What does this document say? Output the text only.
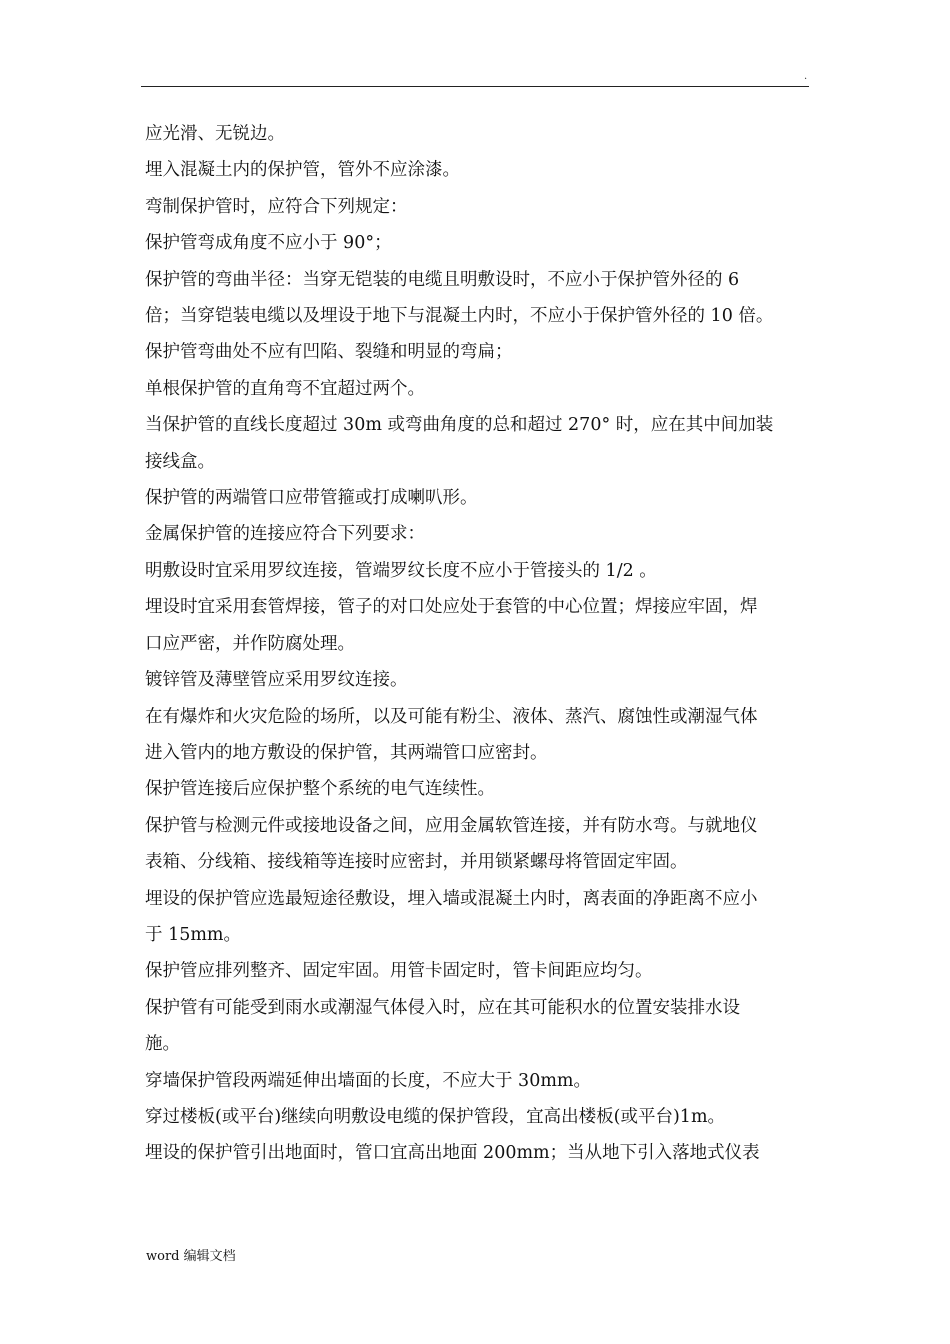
.

应光滑、无锐边。

埋入混凝土内的保护管，管外不应涂漆。

弯制保护管时，应符合下列规定：

保护管弯成角度不应小于 90°；

保护管的弯曲半径：当穿无铠装的电缆且明敷设时，不应小于保护管外径的 6

倍；当穿铠装电缆以及埋设于地下与混凝土内时，不应小于保护管外径的 10 倍。

保护管弯曲处不应有凹陷、裂缝和明显的弯扁；

单根保护管的直角弯不宜超过两个。

当保护管的直线长度超过 30m 或弯曲角度的总和超过 270° 时，应在其中间加装

接线盒。

保护管的两端管口应带管箍或打成喇叭形。

金属保护管的连接应符合下列要求：

明敷设时宜采用罗纹连接，管端罗纹长度不应小于管接头的 1/2 。

埋设时宜采用套管焊接，管子的对口处应处于套管的中心位置；焊接应牢固，焊

口应严密，并作防腐处理。

镀锌管及薄壁管应采用罗纹连接。

在有爆炸和火灾危险的场所，以及可能有粉尘、液体、蒸汽、腐蚀性或潮湿气体

进入管内的地方敷设的保护管，其两端管口应密封。

保护管连接后应保护整个系统的电气连续性。

保护管与检测元件或接地设备之间，应用金属软管连接，并有防水弯。与就地仪

表箱、分线箱、接线箱等连接时应密封，并用锁紧螺母将管固定牢固。

埋设的保护管应选最短途径敷设，埋入墙或混凝土内时，离表面的净距离不应小

于 15mm。

保护管应排列整齐、固定牢固。用管卡固定时，管卡间距应均匀。

保护管有可能受到雨水或潮湿气体侵入时，应在其可能积水的位置安装排水设

施。

穿墙保护管段两端延伸出墙面的长度，不应大于 30mm。

穿过楼板(或平台)继续向明敷设电缆的保护管段，宜高出楼板(或平台)1m。

埋设的保护管引出地面时，管口宜高出地面 200mm；当从地下引入落地式仪表

word 编辑文档
